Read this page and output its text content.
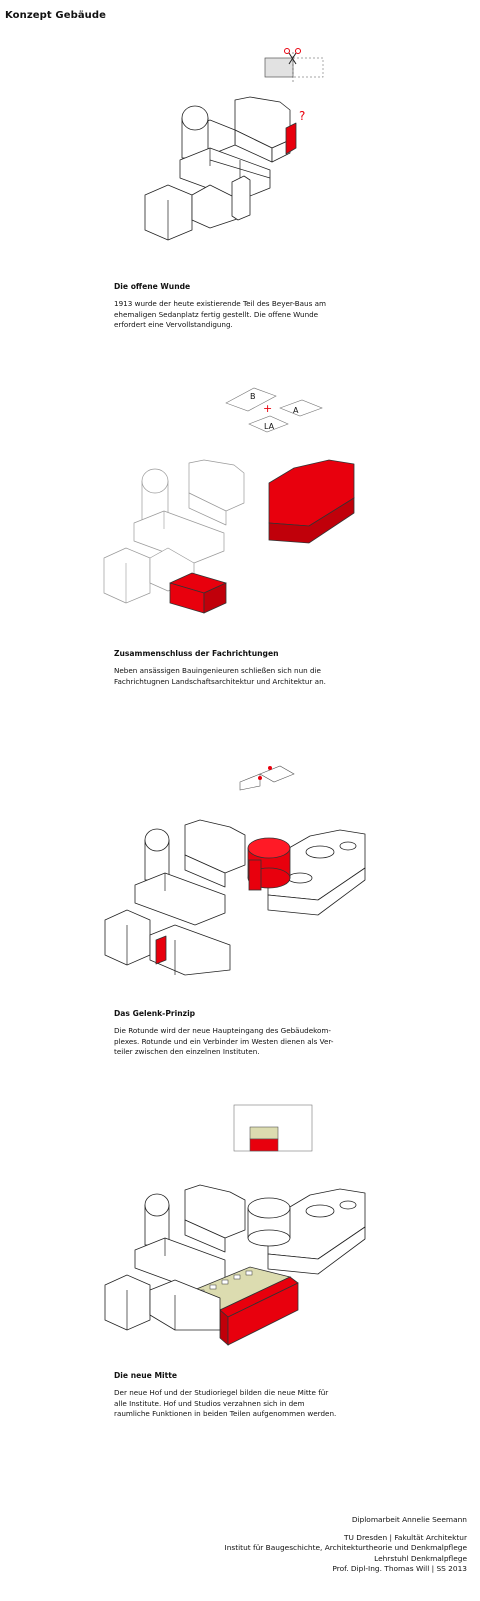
Konzept Gebäude
?
Die offene Wunde
1913 wurde der heute existierende Teil des Beyer-Baus am
ehemaligen Sedanplatz fertig gestellt. Die offene Wunde
erfordert eine Vervollstandigung.
B
+	A
LA
Zusammenschluss der Fachrichtungen
Neben ansässigen Bauingenieuren schließen sich nun die
Fachrichtugnen Landschaftsarchitektur und Architektur an.
Das Gelenk-Prinzip
Die Rotunde wird der neue Haupteingang des Gebäudekom-
plexes. Rotunde und ein Verbinder im Westen dienen als Ver-
teiler zwischen den einzelnen Instituten.
Die neue Mitte
Der neue Hof und der Studioriegel bilden die neue Mitte für
alle Institute. Hof und Studios verzahnen sich in dem
raumliche Funktionen in beiden Teilen aufgenommen werden.
Diplomarbeit Annelie Seemann
TU Dresden | Fakultät Architektur
Institut für Baugeschichte, Architekturtheorie und Denkmalpflege
Lehrstuhl Denkmalpflege
Prof. Dipl-Ing. Thomas Will | SS 2013
